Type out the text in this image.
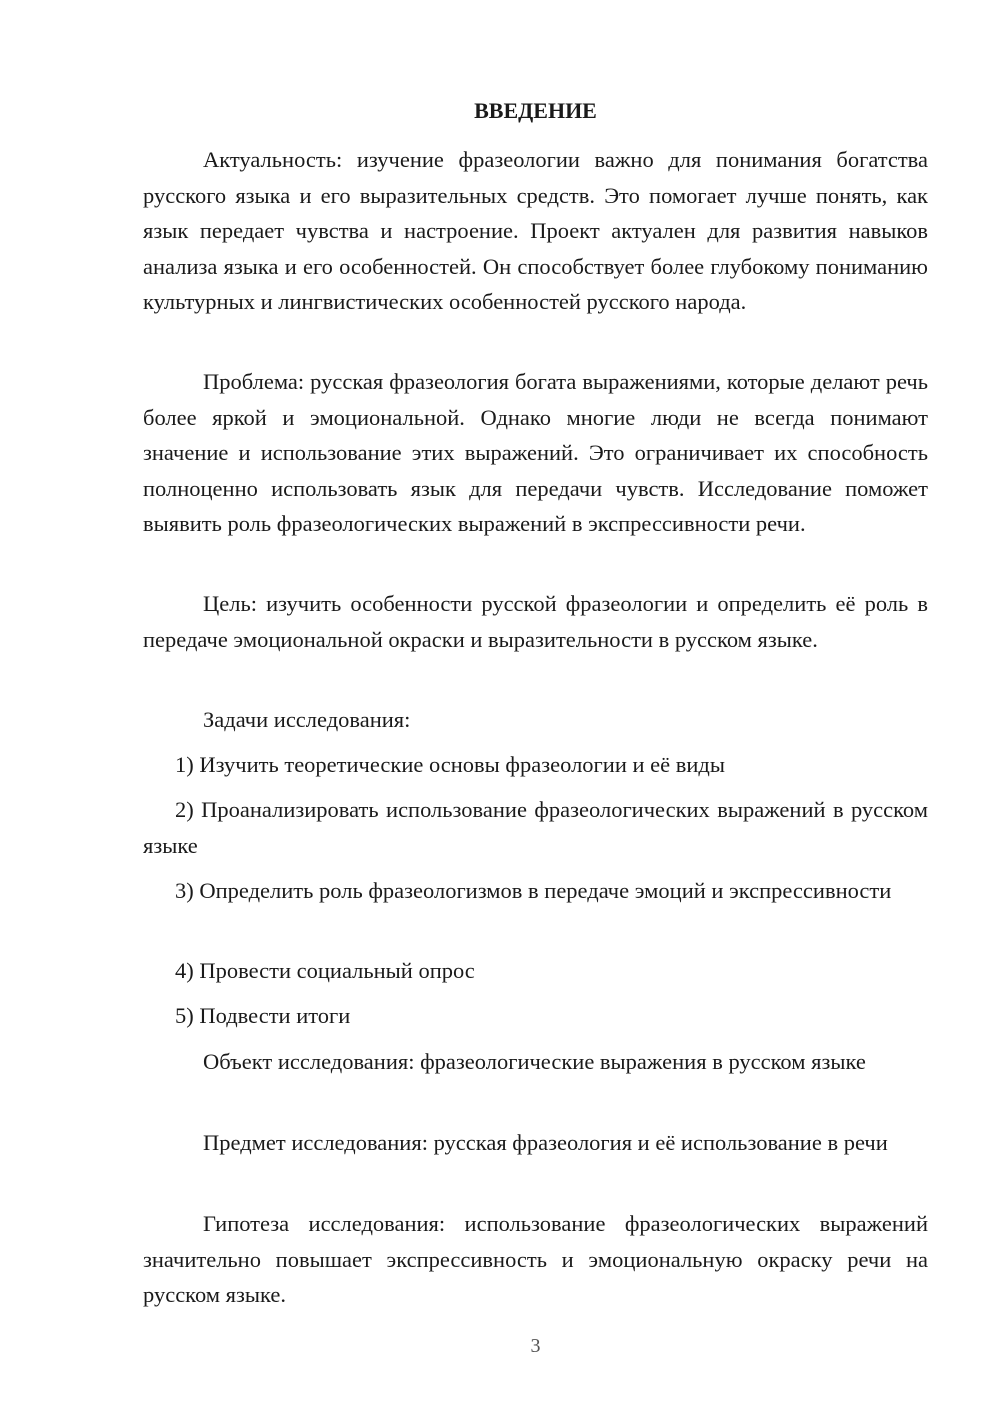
ВВЕДЕНИЕ

Актуальность: изучение фразеологии важно для понимания богатства русского языка и его выразительных средств. Это помогает лучше понять, как язык передает чувства и настроение. Проект актуален для развития навыков анализа языка и его особенностей. Он способствует более глубокому пониманию культурных и лингвистических особенностей русского народа.

Проблема: русская фразеология богата выражениями, которые делают речь более яркой и эмоциональной. Однако многие люди не всегда понимают значение и использование этих выражений. Это ограничивает их способность полноценно использовать язык для передачи чувств. Исследование поможет выявить роль фразеологических выражений в экспрессивности речи.

Цель: изучить особенности русской фразеологии и определить её роль в передаче эмоциональной окраски и выразительности в русском языке.

Задачи исследования:

1) Изучить теоретические основы фразеологии и её виды

2) Проанализировать использование фразеологических выражений в русском языке

3) Определить роль фразеологизмов в передаче эмоций и экспрессивности

4) Провести социальный опрос

5) Подвести итоги

Объект исследования: фразеологические выражения в русском языке

Предмет исследования: русская фразеология и её использование в речи

Гипотеза исследования: использование фразеологических выражений значительно повышает экспрессивность и эмоциональную окраску речи на русском языке.

3
